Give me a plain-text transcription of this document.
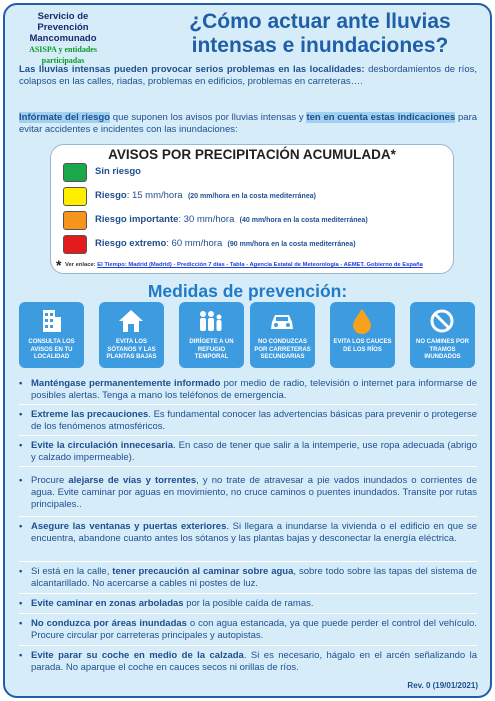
Servicio de Prevención
Mancomunado
ASISPA y entidades participadas
¿Cómo actuar ante lluvias
intensas e inundaciones?
Las lluvias intensas pueden provocar serios problemas en las localidades: desbordamientos de ríos, colapsos en las calles, riadas, problemas en edificios, problemas en carreteras….
Infórmate del riesgo que suponen los avisos por lluvias intensas y ten en cuenta estas indicaciones para evitar accidentes e incidentes con las inundaciones:
AVISOS POR PRECIPITACIÓN ACUMULADA*
Sin riesgo
Riesgo: 15 mm/hora (20 mm/hora en la costa mediterránea)
Riesgo importante: 30 mm/hora (40 mm/hora en la costa mediterránea)
Riesgo extremo: 60 mm/hora (90 mm/hora en la costa mediterránea)
* Ver enlace: El Tiempo: Madrid (Madrid) - Predicción 7 días - Tabla - Agencia Estatal de Meteorología - AEMET. Gobierno de España
Medidas de prevención:
CONSULTA LOS AVISOS EN TU LOCALIDAD
EVITA LOS SÓTANOS Y LAS PLANTAS BAJAS
DIRÍGETE A UN REFUGIO TEMPORAL
NO CONDUZCAS POR CARRETERAS SECUNDARIAS
EVITA LOS CAUCES DE LOS RÍOS
NO CAMINES POR TRAMOS INUNDADOS
• Manténgase permanentemente informado por medio de radio, televisión o internet para informarse de posibles alertas. Tenga a mano los teléfonos de emergencia.
• Extreme las precauciones. Es fundamental conocer las advertencias básicas para prevenir o protegerse de los fenómenos atmosféricos.
• Evite la circulación innecesaria. En caso de tener que salir a la intemperie, use ropa adecuada (abrigo y calzado impermeable).
• Procure alejarse de vías y torrentes, y no trate de atravesar a pie vados inundados o corrientes de agua. Evite caminar por aguas en movimiento, no cruce caminos o puentes inundados. Transite por rutas principales..
• Asegure las ventanas y puertas exteriores. Si llegara a inundarse la vivienda o el edificio en que se encuentra, abandone cuanto antes los sótanos y las plantas bajas y desconectar la energía eléctrica.
• Si está en la calle, tener precaución al caminar sobre agua, sobre todo sobre las tapas del sistema de alcantarillado. No acercarse a cables ni postes de luz.
• Evite caminar en zonas arboladas por la posible caída de ramas.
• No conduzca por áreas inundadas o con agua estancada, ya que puede perder el control del vehículo. Procure circular por carreteras principales y autopistas.
• Evite parar su coche en medio de la calzada. Si es necesario, hágalo en el arcén señalizando la parada. No aparque el coche en cauces secos ni orillas de ríos.
Rev. 0 (19/01/2021)
